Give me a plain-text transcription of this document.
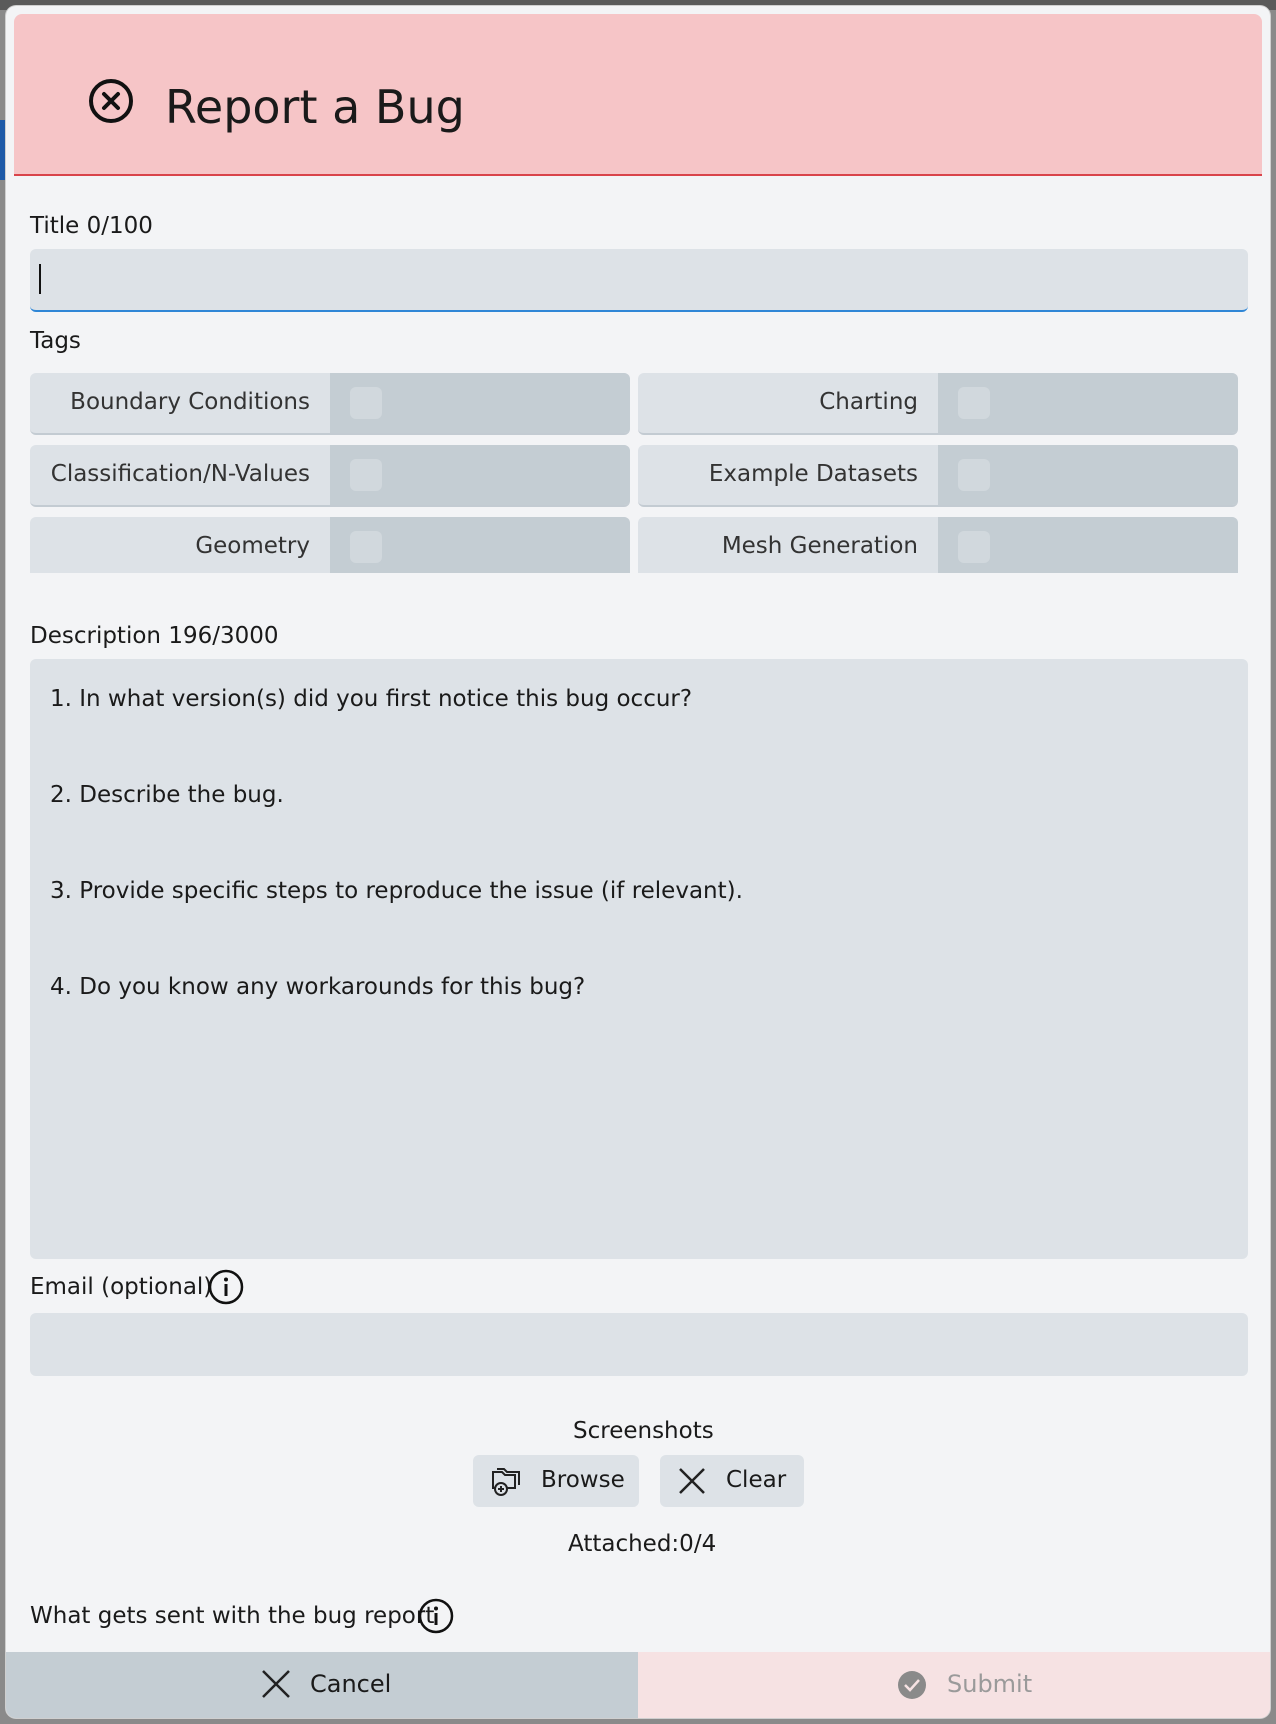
Report a Bug
Title 0/100
Tags
Boundary Conditions	Charting
Classification/N-Values	Example Datasets
Geometry	Mesh Generation
Description 196/3000
1. In what version(s) did you first notice this bug occur?
2. Describe the bug.
3. Provide specific steps to reproduce the issue (if relevant).
4. Do you know any workarounds for this bug?
Email (optional)
Screenshots
Browse	Clear
Attached:0/4
What gets sent with the bug report
Cancel	Submit
